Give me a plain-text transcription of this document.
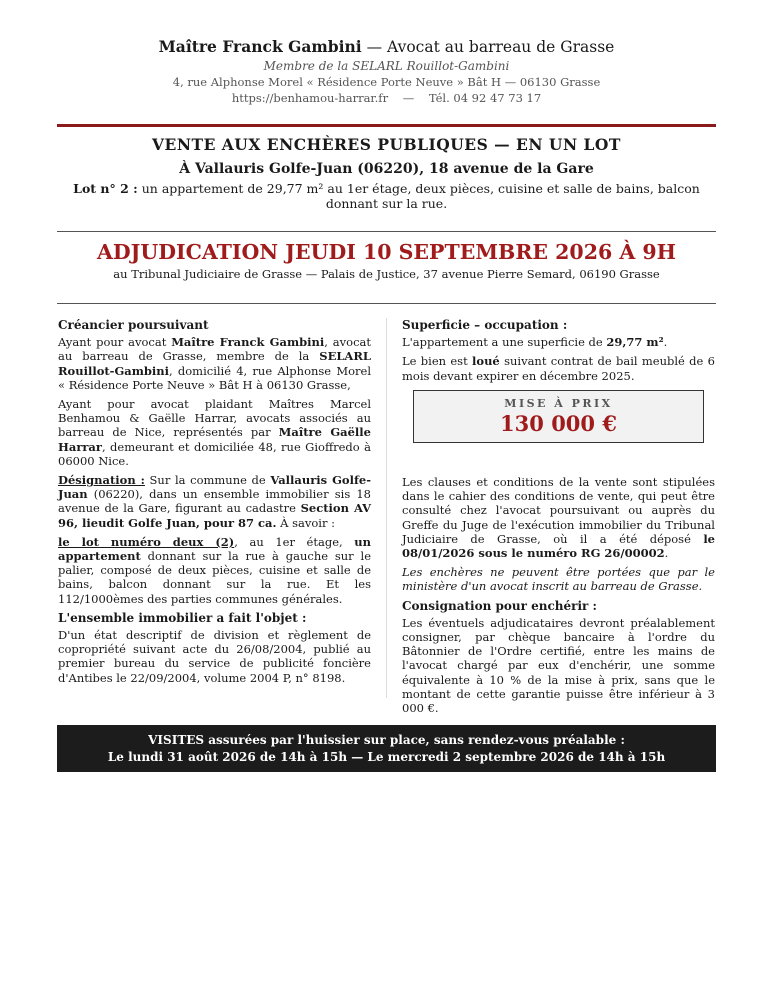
Maître Franck Gambini — Avocat au barreau de Grasse
Membre de la SELARL Rouillot-Gambini
4, rue Alphonse Morel « Résidence Porte Neuve » Bât H — 06130 Grasse
https://benhamou-harrar.fr — Tél. 04 92 47 73 17
VENTE AUX ENCHÈRES PUBLIQUES — EN UN LOT
À Vallauris Golfe-Juan (06220), 18 avenue de la Gare
Lot n° 2 : un appartement de 29,77 m² au 1er étage, deux pièces, cuisine et salle de bains, balcon donnant sur la rue.
ADJUDICATION JEUDI 10 SEPTEMBRE 2026 À 9H
au Tribunal Judiciaire de Grasse — Palais de Justice, 37 avenue Pierre Semard, 06190 Grasse
Créancier poursuivant

Ayant pour avocat Maître Franck Gambini, avocat au barreau de Grasse, membre de la SELARL Rouillot-Gambini, domicilié 4, rue Alphonse Morel « Résidence Porte Neuve » Bât H à 06130 Grasse,

Ayant pour avocat plaidant Maîtres Marcel Benhamou & Gaëlle Harrar, avocats associés au barreau de Nice, représentés par Maître Gaëlle Harrar, demeurant et domiciliée 48, rue Gioffredo à 06000 Nice.

Désignation : Sur la commune de Vallauris Golfe-Juan (06220), dans un ensemble immobilier sis 18 avenue de la Gare, figurant au cadastre Section AV 96, lieudit Golfe Juan, pour 87 ca. À savoir :

le lot numéro deux (2), au 1er étage, un appartement donnant sur la rue à gauche sur le palier, composé de deux pièces, cuisine et salle de bains, balcon donnant sur la rue. Et les 112/1000èmes des parties communes générales.

L'ensemble immobilier a fait l'objet :

D'un état descriptif de division et règlement de copropriété suivant acte du 26/08/2004, publié au premier bureau du service de publicité foncière d'Antibes le 22/09/2004, volume 2004 P, n° 8198.

Superficie – occupation :

L'appartement a une superficie de 29,77 m².

Le bien est loué suivant contrat de bail meublé de 6 mois devant expirer en décembre 2025.

MISE À PRIX
130 000 €

Les clauses et conditions de la vente sont stipulées dans le cahier des conditions de vente, qui peut être consulté chez l'avocat poursuivant ou auprès du Greffe du Juge de l'exécution immobilier du Tribunal Judiciaire de Grasse, où il a été déposé le 08/01/2026 sous le numéro RG 26/00002.

Les enchères ne peuvent être portées que par le ministère d'un avocat inscrit au barreau de Grasse.

Consignation pour enchérir :

Les éventuels adjudicataires devront préalablement consigner, par chèque bancaire à l'ordre du Bâtonnier de l'Ordre certifié, entre les mains de l'avocat chargé par eux d'enchérir, une somme équivalente à 10 % de la mise à prix, sans que le montant de cette garantie puisse être inférieur à 3 000 €.

VISITES assurées par l'huissier sur place, sans rendez-vous préalable :
Le lundi 31 août 2026 de 14h à 15h — Le mercredi 2 septembre 2026 de 14h à 15h
